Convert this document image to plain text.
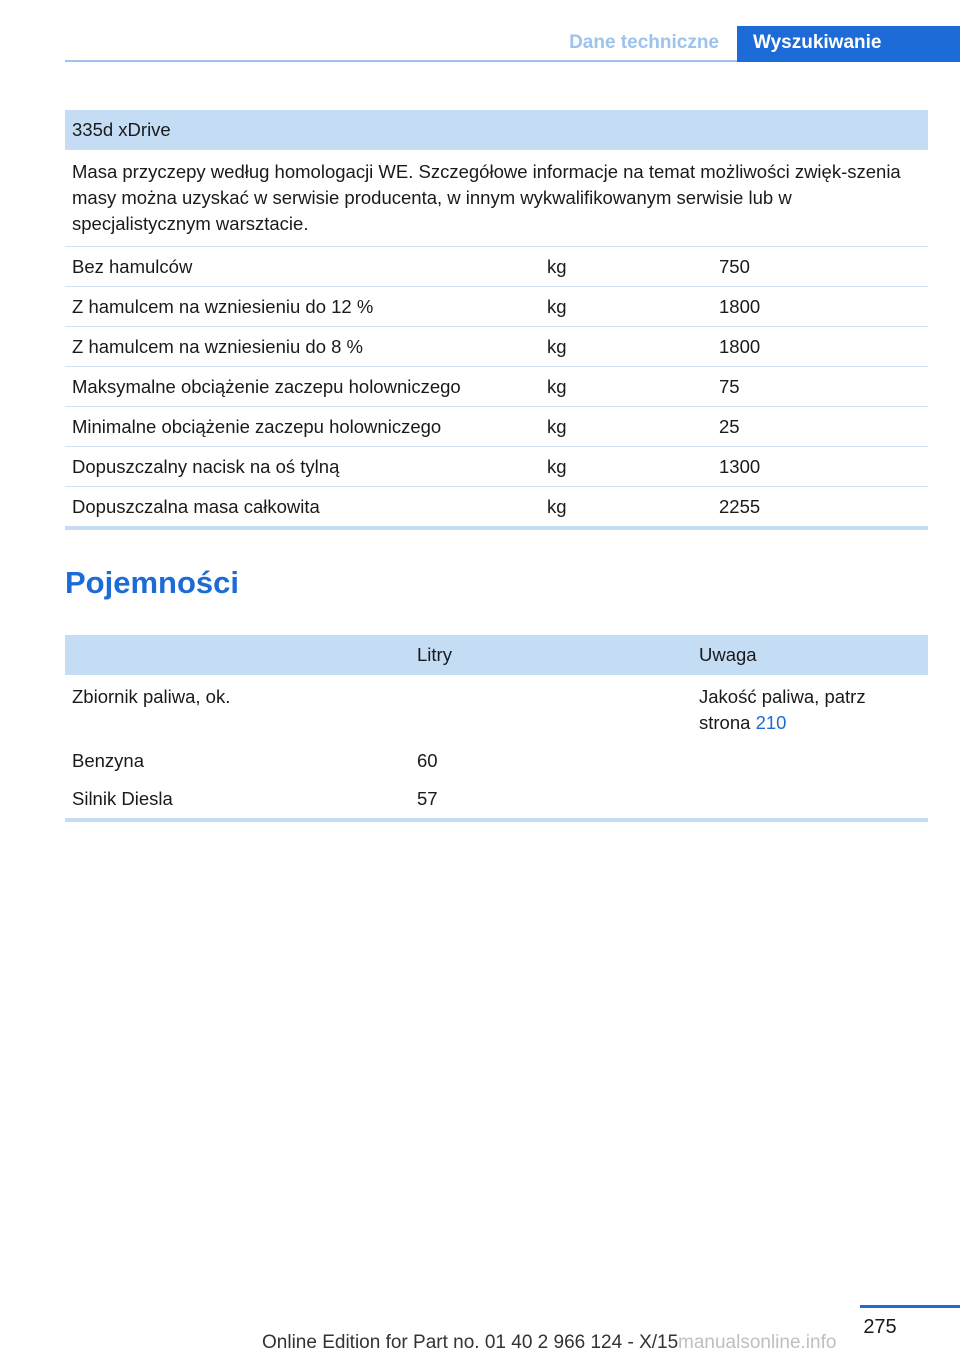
Dane techniczne	Wyszukiwanie
335d xDrive		
Masa przyczepy według homologacji WE. Szczegółowe informacje na temat możliwości zwięk-szenia masy można uzyskać w serwisie producenta, w innym wykwalifikowanym serwisie lub w specjalistycznym warsztacie.		
Bez hamulców	kg	750
Z hamulcem na wzniesieniu do 12 %	kg	1800
Z hamulcem na wzniesieniu do 8 %	kg	1800
Maksymalne obciążenie zaczepu holowniczego	kg	75
Minimalne obciążenie zaczepu holowniczego	kg	25
Dopuszczalny nacisk na oś tylną	kg	1300
Dopuszczalna masa całkowita	kg	2255
Pojemności
	Litry	Uwaga
Zbiornik paliwa, ok.		Jakość paliwa, patrz strona 210
Benzyna	60	
Silnik Diesla	57	
275
Online Edition for Part no. 01 40 2 966 124 - X/15 manualsonline.info
